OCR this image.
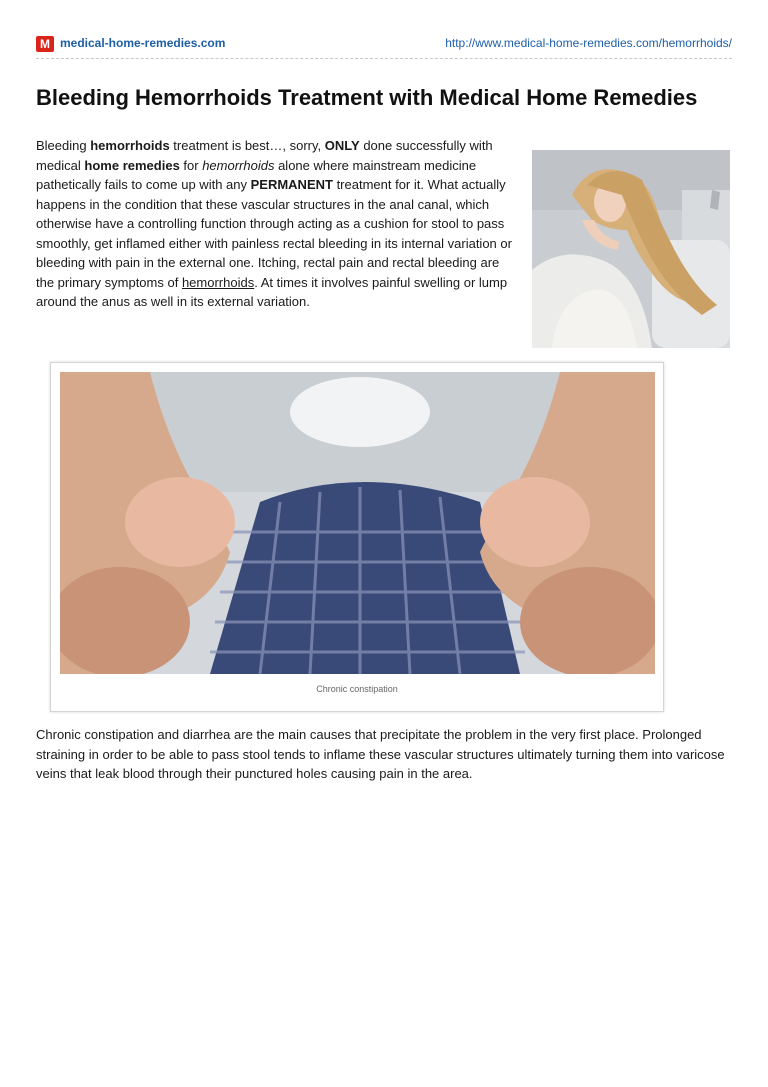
M medical-home-remedies.com	http://www.medical-home-remedies.com/hemorrhoids/
Bleeding Hemorrhoids Treatment with Medical Home Remedies

Bleeding hemorrhoids treatment is best…, sorry, ONLY done successfully with medical home remedies for hemorrhoids alone where mainstream medicine pathetically fails to come up with any PERMANENT treatment for it. What actually happens in the condition that these vascular structures in the anal canal, which otherwise have a controlling function through acting as a cushion for stool to pass smoothly, get inflamed either with painless rectal bleeding in its internal variation or bleeding with pain in the external one. Itching, rectal pain and rectal bleeding are the primary symptoms of hemorrhoids. At times it involves painful swelling or lump around the anus as well in its external variation.

Chronic constipation

Chronic constipation and diarrhea are the main causes that precipitate the problem in the very first place. Prolonged straining in order to be able to pass stool tends to inflame these vascular structures ultimately turning them into varicose veins that leak blood through their punctured holes causing pain in the area.
